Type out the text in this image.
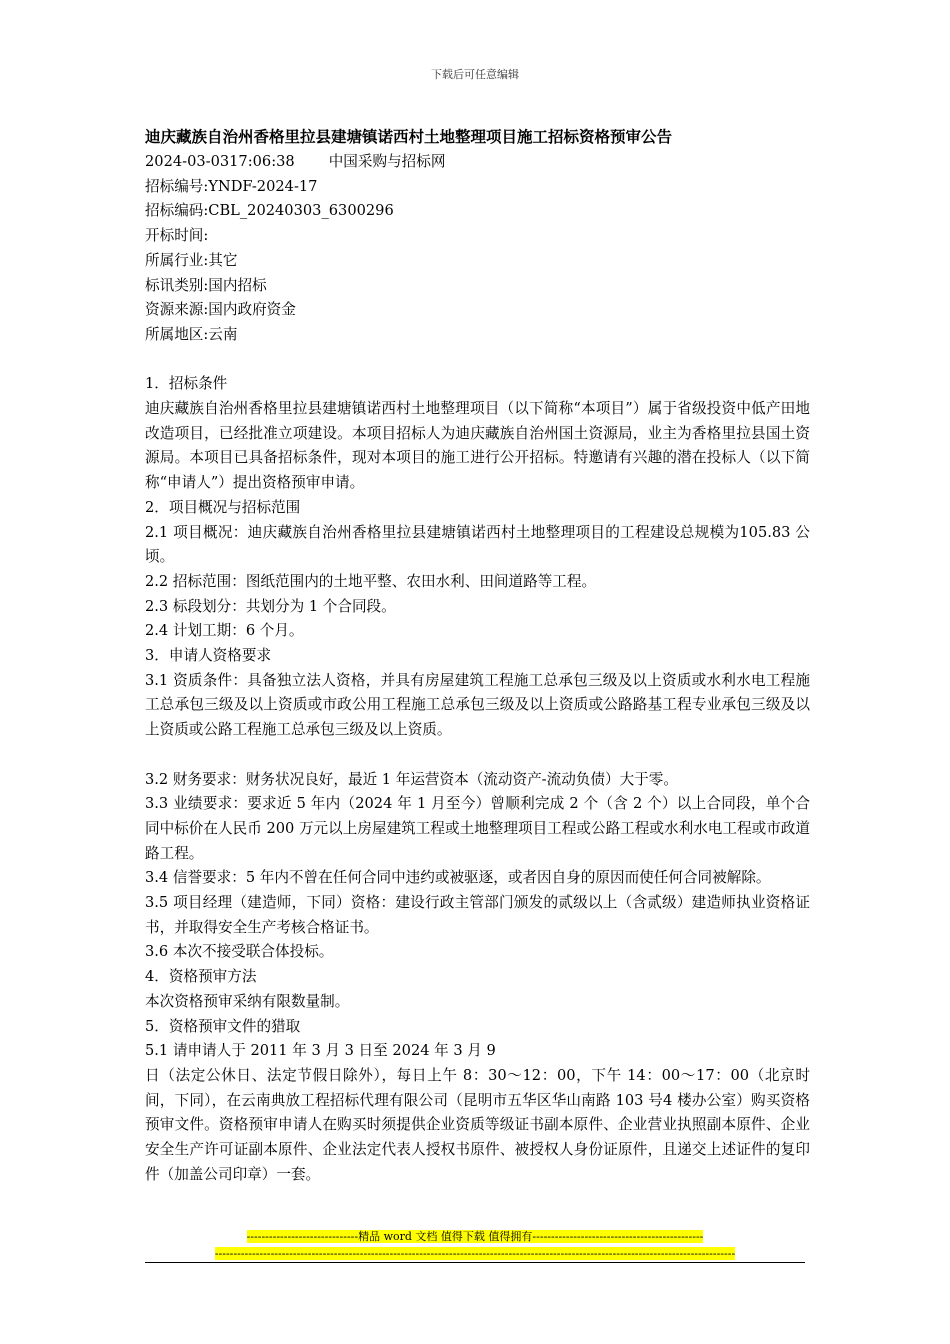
下载后可任意编辑

迪庆藏族自治州香格里拉县建塘镇诺西村土地整理项目施工招标资格预审公告

2024-03-0317:06:38 中国采购与招标网

招标编号:YNDF-2024-17

招标编码:CBL_20240303_6300296

开标时间:

所属行业:其它

标讯类别:国内招标

资源来源:国内政府资金

所属地区:云南

1．招标条件

迪庆藏族自治州香格里拉县建塘镇诺西村土地整理项目（以下简称“本项目”）属于省级投资中低产田地改造项目，已经批准立项建设。本项目招标人为迪庆藏族自治州国土资源局，业主为香格里拉县国土资源局。本项目已具备招标条件，现对本项目的施工进行公开招标。特邀请有兴趣的潜在投标人（以下简称“申请人”）提出资格预审申请。

2．项目概况与招标范围

2.1 项目概况：迪庆藏族自治州香格里拉县建塘镇诺西村土地整理项目的工程建设总规模为105.83 公顷。

2.2 招标范围：图纸范围内的土地平整、农田水利、田间道路等工程。

2.3 标段划分：共划分为 1 个合同段。

2.4 计划工期：6 个月。

3．申请人资格要求

3.1 资质条件：具备独立法人资格，并具有房屋建筑工程施工总承包三级及以上资质或水利水电工程施工总承包三级及以上资质或市政公用工程施工总承包三级及以上资质或公路路基工程专业承包三级及以上资质或公路工程施工总承包三级及以上资质。

3.2 财务要求：财务状况良好，最近 1 年运营资本（流动资产-流动负债）大于零。

3.3 业绩要求：要求近 5 年内（2024 年 1 月至今）曾顺利完成 2 个（含 2 个）以上合同段，单个合同中标价在人民币 200 万元以上房屋建筑工程或土地整理项目工程或公路工程或水利水电工程或市政道路工程。

3.4 信誉要求：5 年内不曾在任何合同中违约或被驱逐，或者因自身的原因而使任何合同被解除。

3.5 项目经理（建造师，下同）资格：建设行政主管部门颁发的贰级以上（含贰级）建造师执业资格证书，并取得安全生产考核合格证书。

3.6 本次不接受联合体投标。

4．资格预审方法

本次资格预审采纳有限数量制。

5．资格预审文件的猎取

5.1 请申请人于 2011 年 3 月 3 日至 2024 年 3 月 9

日（法定公休日、法定节假日除外），每日上午 8：30～12：00，下午 14：00～17：00（北京时间，下同），在云南典放工程招标代理有限公司（昆明市五华区华山南路 103 号4 楼办公室）购买资格预审文件。资格预审申请人在购买时须提供企业资质等级证书副本原件、企业营业执照副本原件、企业安全生产许可证副本原件、企业法定代表人授权书原件、被授权人身份证原件，且递交上述证件的复印件（加盖公司印章）一套。

------------------------------精品 word 文档 值得下载 值得拥有----------------------------------------------
--------------------------------------------------------------------------------------------------------------------------------------------
